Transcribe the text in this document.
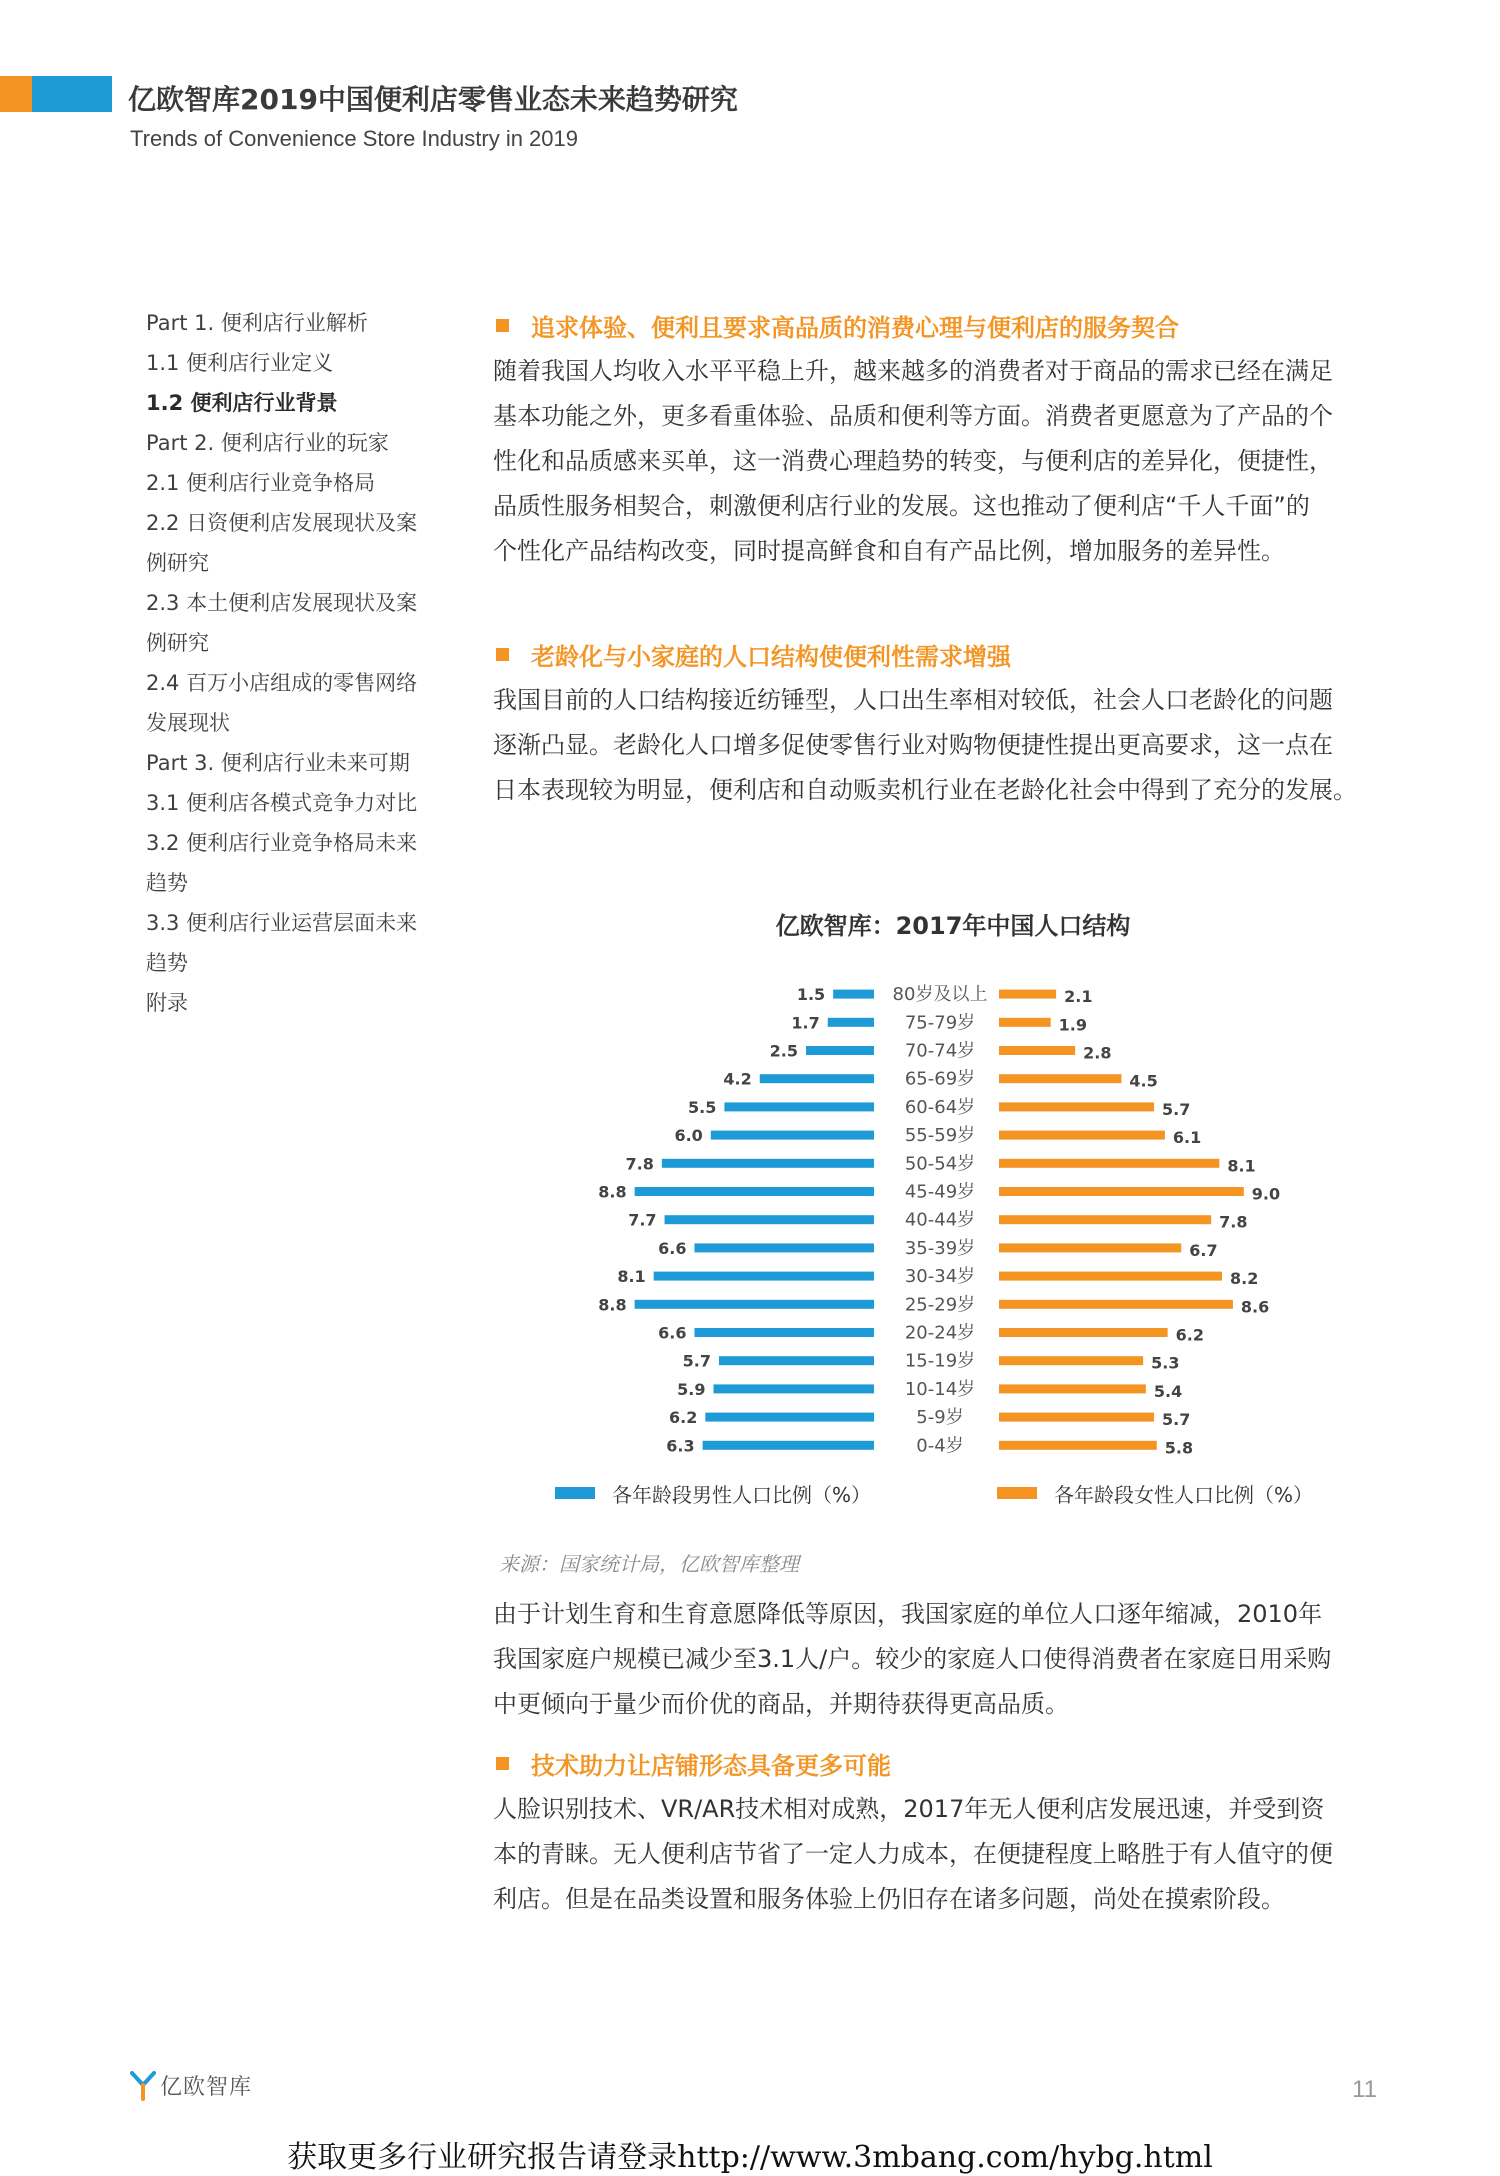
亿欧智库2019中国便利店零售业态未来趋势研究
Trends of Convenience Store Industry in 2019
Part 1. 便利店行业解析
1.1 便利店行业定义
1.2 便利店行业背景
Part 2. 便利店行业的玩家
2.1 便利店行业竞争格局
2.2 日资便利店发展现状及案
例研究
2.3 本土便利店发展现状及案
例研究
2.4 百万小店组成的零售网络
发展现状
Part 3. 便利店行业未来可期
3.1 便利店各模式竞争力对比
3.2 便利店行业竞争格局未来
趋势
3.3 便利店行业运营层面未来
趋势
附录
追求体验、便利且要求高品质的消费心理与便利店的服务契合

随着我国人均收入水平平稳上升，越来越多的消费者对于商品的需求已经在满足

基本功能之外，更多看重体验、品质和便利等方面。消费者更愿意为了产品的个

性化和品质感来买单，这一消费心理趋势的转变，与便利店的差异化，便捷性，

品质性服务相契合，刺激便利店行业的发展。这也推动了便利店“千人千面”的

个性化产品结构改变，同时提高鲜食和自有产品比例，增加服务的差异性。

老龄化与小家庭的人口结构使便利性需求增强

我国目前的人口结构接近纺锤型，人口出生率相对较低，社会人口老龄化的问题

逐渐凸显。老龄化人口增多促使零售行业对购物便捷性提出更高要求，这一点在

日本表现较为明显，便利店和自动贩卖机行业在老龄化社会中得到了充分的发展。

亿欧智库：2017年中国人口结构
1.5	2.1
80岁及以上
1.7	1.9
75-79岁
2.5	2.8
70-74岁
4.2	4.5
65-69岁
5.5	5.7
60-64岁
6.0	6.1
55-59岁
7.8	8.1
50-54岁
8.8	9.0
45-49岁
7.7	7.8
40-44岁
6.6	6.7
35-39岁
8.1	8.2
30-34岁
8.8	8.6
25-29岁
6.6	6.2
20-24岁
5.7	5.3
15-19岁
5.9	5.4
10-14岁
6.2	5.7
5-9岁
6.3	5.8
0-4岁
各年龄段男性人口比例（%）	各年龄段女性人口比例（%）
来源：国家统计局，亿欧智库整理

由于计划生育和生育意愿降低等原因，我国家庭的单位人口逐年缩减，2010年

我国家庭户规模已减少至3.1人/户。较少的家庭人口使得消费者在家庭日用采购

中更倾向于量少而价优的商品，并期待获得更高品质。

技术助力让店铺形态具备更多可能

人脸识别技术、VR/AR技术相对成熟，2017年无人便利店发展迅速，并受到资

本的青睐。无人便利店节省了一定人力成本，在便捷程度上略胜于有人值守的便

利店。但是在品类设置和服务体验上仍旧存在诸多问题，尚处在摸索阶段。

亿欧智库	11
获取更多行业研究报告请登录http://www.3mbang.com/hybg.html
